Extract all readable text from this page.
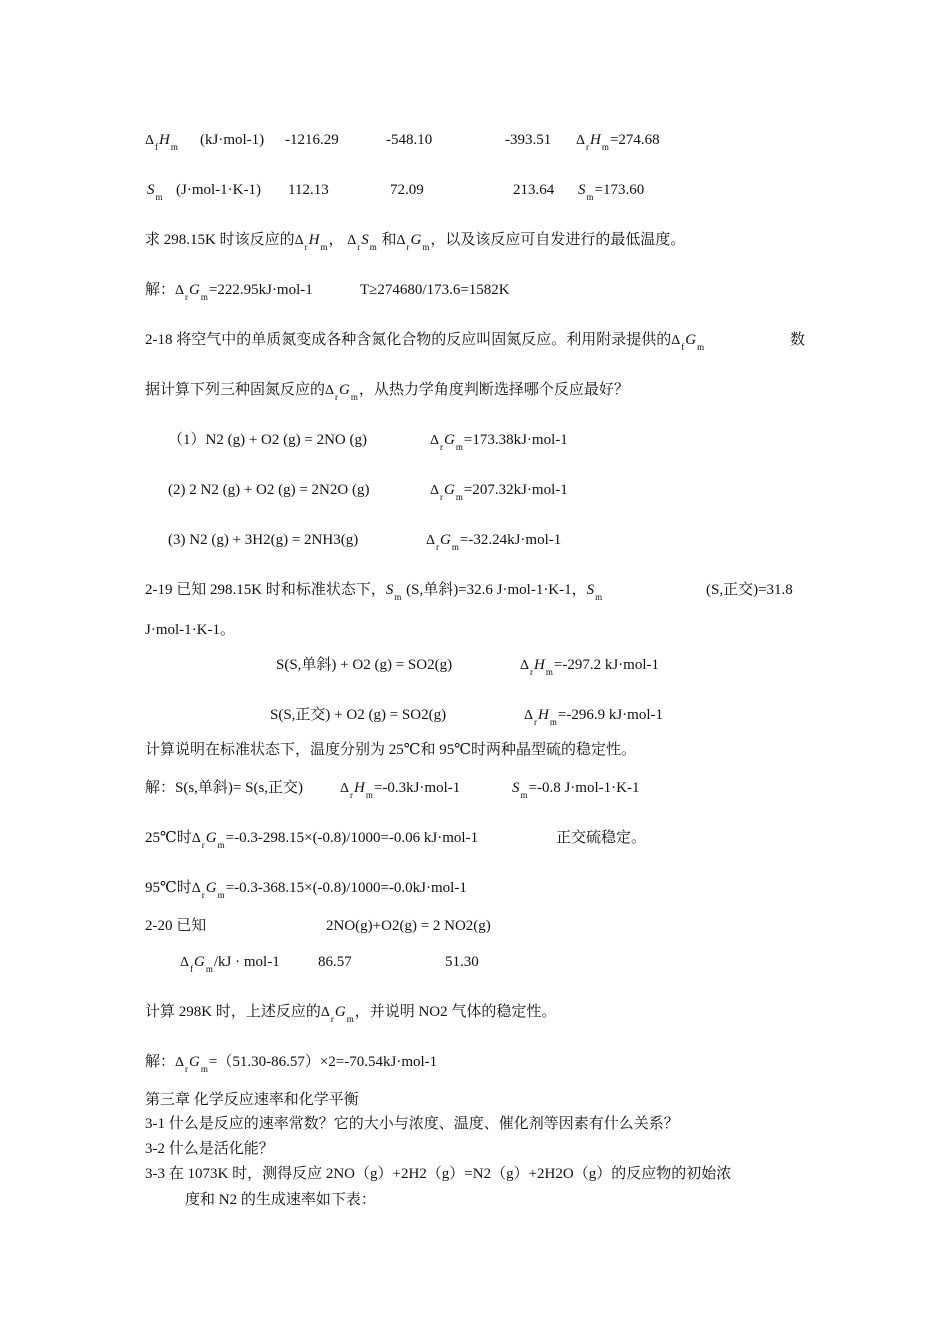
$\Delta_fH_m$ (kJ·mol-1) -1216.29	-548.10	-393.51 $\Delta_rH_m=274.68$
$S_m$ (J·mol-1·K-1) 112.13	72.09	213.64 $S_m=173.60$
求 298.15K 时该反应的$\Delta_rH_m$， $\Delta_rS_m$ 和$\Delta_rG_m$，以及该反应可自发进行的最低温度。
解：$\Delta_rG_m=222.95kJ\cdot mol-1$	T≥274680/173.6=1582K
2-18 将空气中的单质氮变成各种含氮化合物的反应叫固氮反应。利用附录提供的$\Delta_fG_m$	数
据计算下列三种固氮反应的$\Delta_rG_m$，从热力学角度判断选择哪个反应最好？
（1）N2 (g) + O2 (g) = 2NO (g)	$\Delta_rG_m=173.38kJ\cdot mol-1$
(2) 2 N2 (g) + O2 (g) = 2N2O (g)	$\Delta_rG_m=207.32kJ\cdot mol-1$
(3) N2 (g) + 3H2(g) = 2NH3(g)	$\Delta_rG_m=-32.24kJ\cdot mol-1$
2-19 已知 298.15K 时和标准状态下，$S_m$ (S,单斜)=32.6 J·mol-1·K-1，$S_m$	(S,正交)=31.8
J·mol-1·K-1。
S(S,单斜) + O2 (g) = SO2(g)	$\Delta_rH_m=-297.2$ kJ·mol-1
S(S,正交) + O2 (g) = SO2(g)	$\Delta_rH_m=-296.9$ kJ·mol-1
计算说明在标准状态下，温度分别为 25℃和 95℃时两种晶型硫的稳定性。
解：S(s,单斜)= S(s,正交)	$\Delta_rH_m=-0.3kJ\cdot mol-1$	$S_m=-0.8$ J·mol-1·K-1
25℃时$\Delta_rG_m=-0.3-298.15\times(-0.8)/1000=-0.06$ kJ·mol-1	正交硫稳定。
95℃时$\Delta_rG_m=-0.3-368.15\times(-0.8)/1000=-0.0kJ\cdot mol-1$
2-20 已知	2NO(g)+O2(g) = 2 NO2(g)
$\Delta_fG_m/kJ \cdot mol-1$	86.57	51.30
计算 298K 时，上述反应的$\Delta_rG_m$，并说明 NO2 气体的稳定性。
解：$\Delta_rG_m=(51.30-86.57)\times 2=-70.54kJ\cdot mol-1$
第三章 化学反应速率和化学平衡
3-1 什么是反应的速率常数？它的大小与浓度、温度、催化剂等因素有什么关系？
3-2 什么是活化能？
3-3 在 1073K 时，测得反应 2NO（g）+2H2（g）=N2（g）+2H2O（g）的反应物的初始浓
度和 N2 的生成速率如下表：
